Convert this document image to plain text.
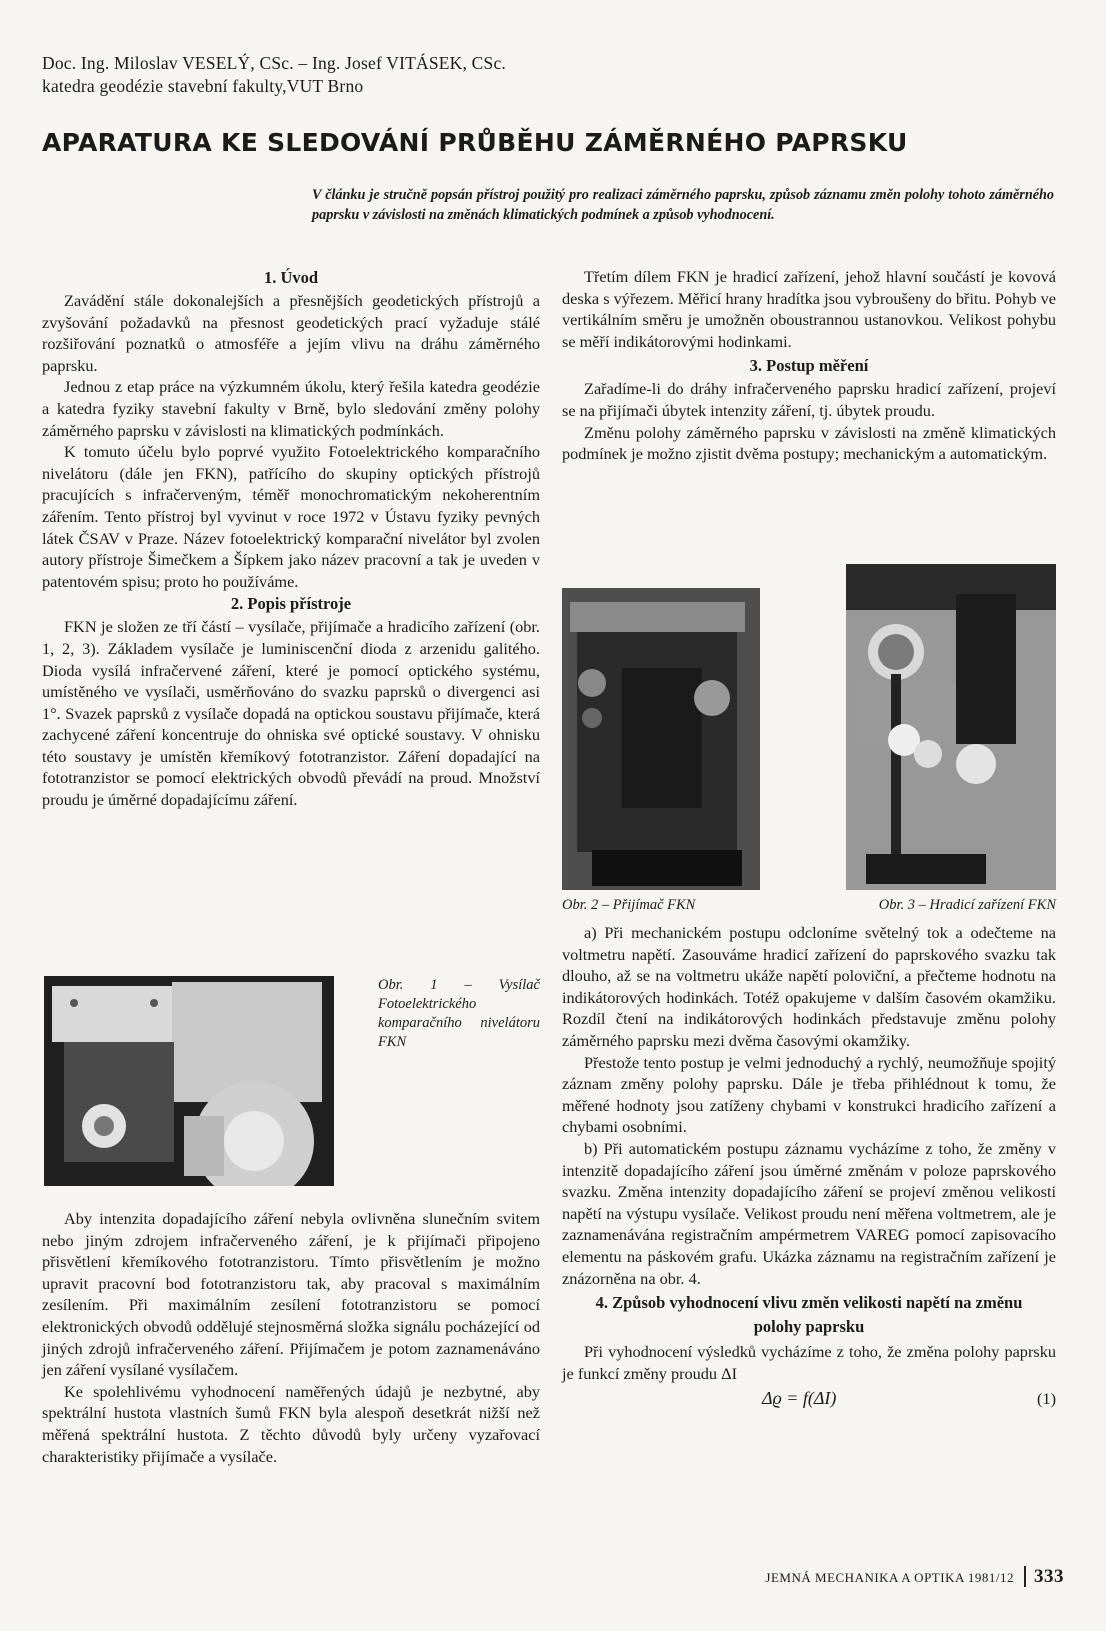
Doc. Ing. Miloslav VESELÝ, CSc. – Ing. Josef VITÁSEK, CSc.
katedra geodézie stavební fakulty,VUT Brno
APARATURA KE SLEDOVÁNÍ PRŮBĚHU ZÁMĚRNÉHO PAPRSKU
V článku je stručně popsán přístroj použitý pro realizaci záměrného paprsku, způsob záznamu změn polohy tohoto záměrného paprsku v závislosti na změnách klimatických podmínek a způsob vyhodnocení.
1. Úvod

Zavádění stále dokonalejších a přesnějších geodetických přístrojů a zvyšování požadavků na přesnost geodetických prací vyžaduje stálé rozšiřování poznatků o atmosféře a jejím vlivu na dráhu záměrného paprsku.

Jednou z etap práce na výzkumném úkolu, který řešila katedra geodézie a katedra fyziky stavební fakulty v Brně, bylo sledování změny polohy záměrného paprsku v závislosti na klimatických podmínkách.

K tomuto účelu bylo poprvé využito Fotoelektrického komparačního nivelátoru (dále jen FKN), patřícího do skupiny optických přístrojů pracujících s infračerveným, téměř monochromatickým nekoherentním zářením. Tento přístroj byl vyvinut v roce 1972 v Ústavu fyziky pevných látek ČSAV v Praze. Název fotoelektrický komparační nivelátor byl zvolen autory přístroje Šimečkem a Šípkem jako název pracovní a tak je uveden v patentovém spisu; proto ho používáme.

2. Popis přístroje

FKN je složen ze tří částí – vysílače, přijímače a hradicího zařízení (obr. 1, 2, 3). Základem vysílače je luminiscenční dioda z arzenidu galitého. Dioda vysílá infračervené záření, které je pomocí optického systému, umístěného ve vysílači, usměrňováno do svazku paprsků o divergenci asi 1°. Svazek paprsků z vysílače dopadá na optickou soustavu přijímače, která zachycené záření koncentruje do ohniska své optické soustavy. V ohnisku této soustavy je umístěn křemíkový fototranzistor. Záření dopadající na fototranzistor se pomocí elektrických obvodů převádí na proud. Množství proudu je úměrné dopadajícímu záření.

Obr. 1 – Vysílač Fotoelektrického komparačního nivelátoru FKN

Aby intenzita dopadajícího záření nebyla ovlivněna slunečním svitem nebo jiným zdrojem infračerveného záření, je k přijímači připojeno přisvětlení křemíkového fototranzistoru. Tímto přisvětlením je možno upravit pracovní bod fototranzistoru tak, aby pracoval s maximálním zesílením. Při maximálním zesílení fototranzistoru se pomocí elektronických obvodů oddělujé stejnosměrná složka signálu pocházející od jiných zdrojů infračerveného záření. Přijímačem je potom zaznamenáváno jen záření vysílané vysílačem.

Ke spolehlivému vyhodnocení naměřených údajů je nezbytné, aby spektrální hustota vlastních šumů FKN byla alespoň desetkrát nižší než měřená spektrální hustota. Z těchto důvodů byly určeny vyzařovací charakteristiky přijímače a vysílače.

Třetím dílem FKN je hradicí zařízení, jehož hlavní součástí je kovová deska s výřezem. Měřicí hrany hradítka jsou vybroušeny do břitu. Pohyb ve vertikálním směru je umožněn oboustrannou ustanovkou. Velikost pohybu se měří indikátorovými hodinkami.

3. Postup měření

Zařadíme-li do dráhy infračerveného paprsku hradicí zařízení, projeví se na přijímači úbytek intenzity záření, tj. úbytek proudu.

Změnu polohy záměrného paprsku v závislosti na změně klimatických podmínek je možno zjistit dvěma postupy; mechanickým a automatickým.

Obr. 2 – Přijímač FKN	Obr. 3 – Hradicí zařízení FKN

a) Při mechanickém postupu odcloníme světelný tok a odečteme na voltmetru napětí. Zasouváme hradicí zařízení do paprskového svazku tak dlouho, až se na voltmetru ukáže napětí poloviční, a přečteme hodnotu na indikátorových hodinkách. Totéž opakujeme v dalším časovém okamžiku. Rozdíl čtení na indikátorových hodinkách představuje změnu polohy záměrného paprsku mezi dvěma časovými okamžiky.

Přestože tento postup je velmi jednoduchý a rychlý, neumožňuje spojitý záznam změny polohy paprsku. Dále je třeba přihlédnout k tomu, že měřené hodnoty jsou zatíženy chybami v konstrukci hradicího zařízení a chybami osobními.

b) Při automatickém postupu záznamu vycházíme z toho, že změny v intenzitě dopadajícího záření jsou úměrné změnám v poloze paprskového svazku. Změna intenzity dopadajícího záření se projeví změnou velikosti napětí na výstupu vysílače. Velikost proudu není měřena voltmetrem, ale je zaznamenávána registračním ampérmetrem VAREG pomocí zapisovacího elementu na páskovém grafu. Ukázka záznamu na registračním zařízení je znázorněna na obr. 4.

4. Způsob vyhodnocení vlivu změn velikosti napětí na změnu polohy paprsku

Při vyhodnocení výsledků vycházíme z toho, že změna polohy paprsku je funkcí změny proudu ΔI

Δϱ = f(ΔI)	(1)
JEMNÁ MECHANIKA A OPTIKA 1981/12 333
